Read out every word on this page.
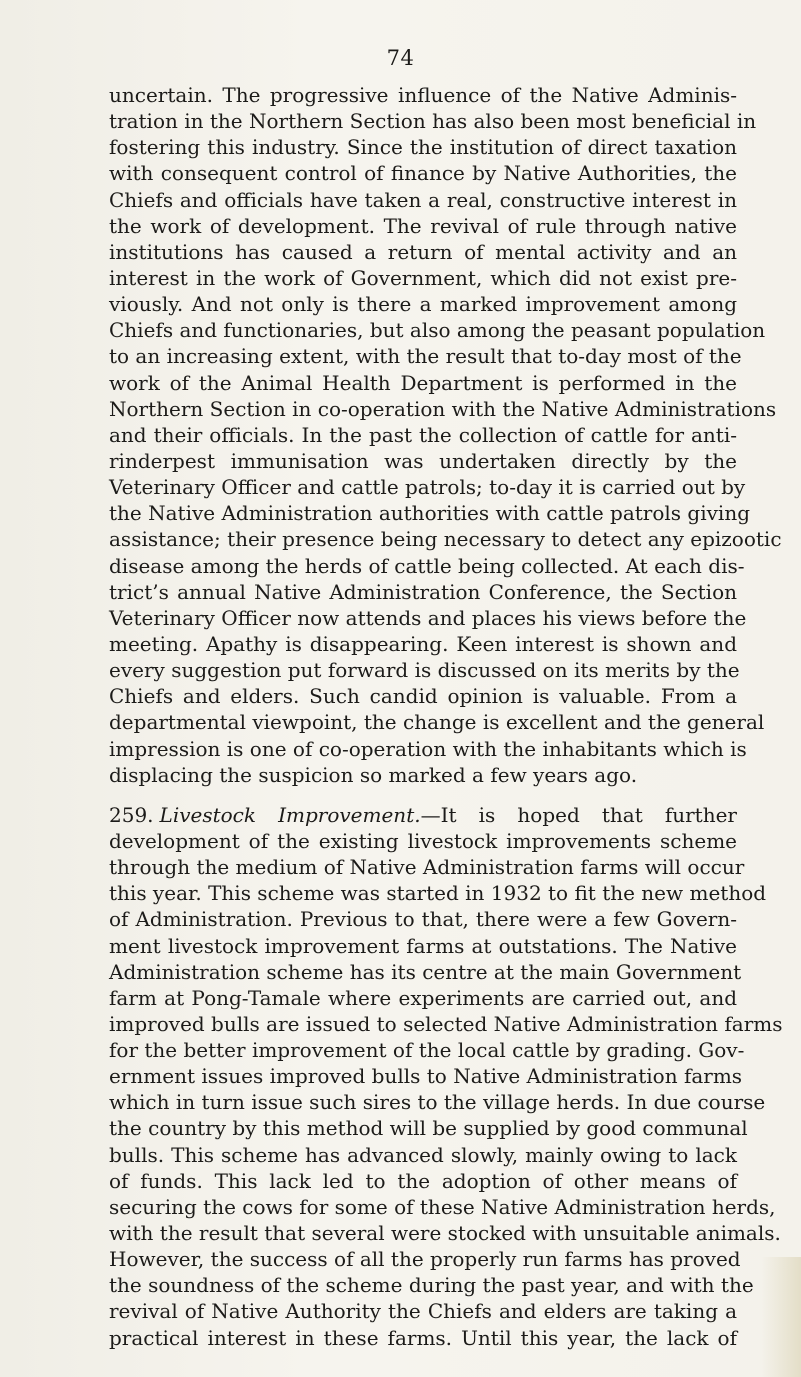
74
uncertain. The progressive influence of the Native Adminis-
tration in the Northern Section has also been most beneficial in
fostering this industry. Since the institution of direct taxation
with consequent control of finance by Native Authorities, the
Chiefs and officials have taken a real, constructive interest in
the work of development. The revival of rule through native
institutions has caused a return of mental activity and an
interest in the work of Government, which did not exist pre-
viously. And not only is there a marked improvement among
Chiefs and functionaries, but also among the peasant population
to an increasing extent, with the result that to-day most of the
work of the Animal Health Department is performed in the
Northern Section in co-operation with the Native Administrations
and their officials. In the past the collection of cattle for anti-
rinderpest immunisation was undertaken directly by the
Veterinary Officer and cattle patrols; to-day it is carried out by
the Native Administration authorities with cattle patrols giving
assistance; their presence being necessary to detect any epizootic
disease among the herds of cattle being collected. At each dis-
trict’s annual Native Administration Conference, the Section
Veterinary Officer now attends and places his views before the
meeting. Apathy is disappearing. Keen interest is shown and
every suggestion put forward is discussed on its merits by the
Chiefs and elders. Such candid opinion is valuable. From a
departmental viewpoint, the change is excellent and the general
impression is one of co-operation with the inhabitants which is
displacing the suspicion so marked a few years ago.
259. Livestock Improvement.—It is hoped that further
development of the existing livestock improvements scheme
through the medium of Native Administration farms will occur
this year. This scheme was started in 1932 to fit the new method
of Administration. Previous to that, there were a few Govern-
ment livestock improvement farms at outstations. The Native
Administration scheme has its centre at the main Government
farm at Pong-Tamale where experiments are carried out, and
improved bulls are issued to selected Native Administration farms
for the better improvement of the local cattle by grading. Gov-
ernment issues improved bulls to Native Administration farms
which in turn issue such sires to the village herds. In due course
the country by this method will be supplied by good communal
bulls. This scheme has advanced slowly, mainly owing to lack
of funds. This lack led to the adoption of other means of
securing the cows for some of these Native Administration herds,
with the result that several were stocked with unsuitable animals.
However, the success of all the properly run farms has proved
the soundness of the scheme during the past year, and with the
revival of Native Authority the Chiefs and elders are taking a
practical interest in these farms. Until this year, the lack of
